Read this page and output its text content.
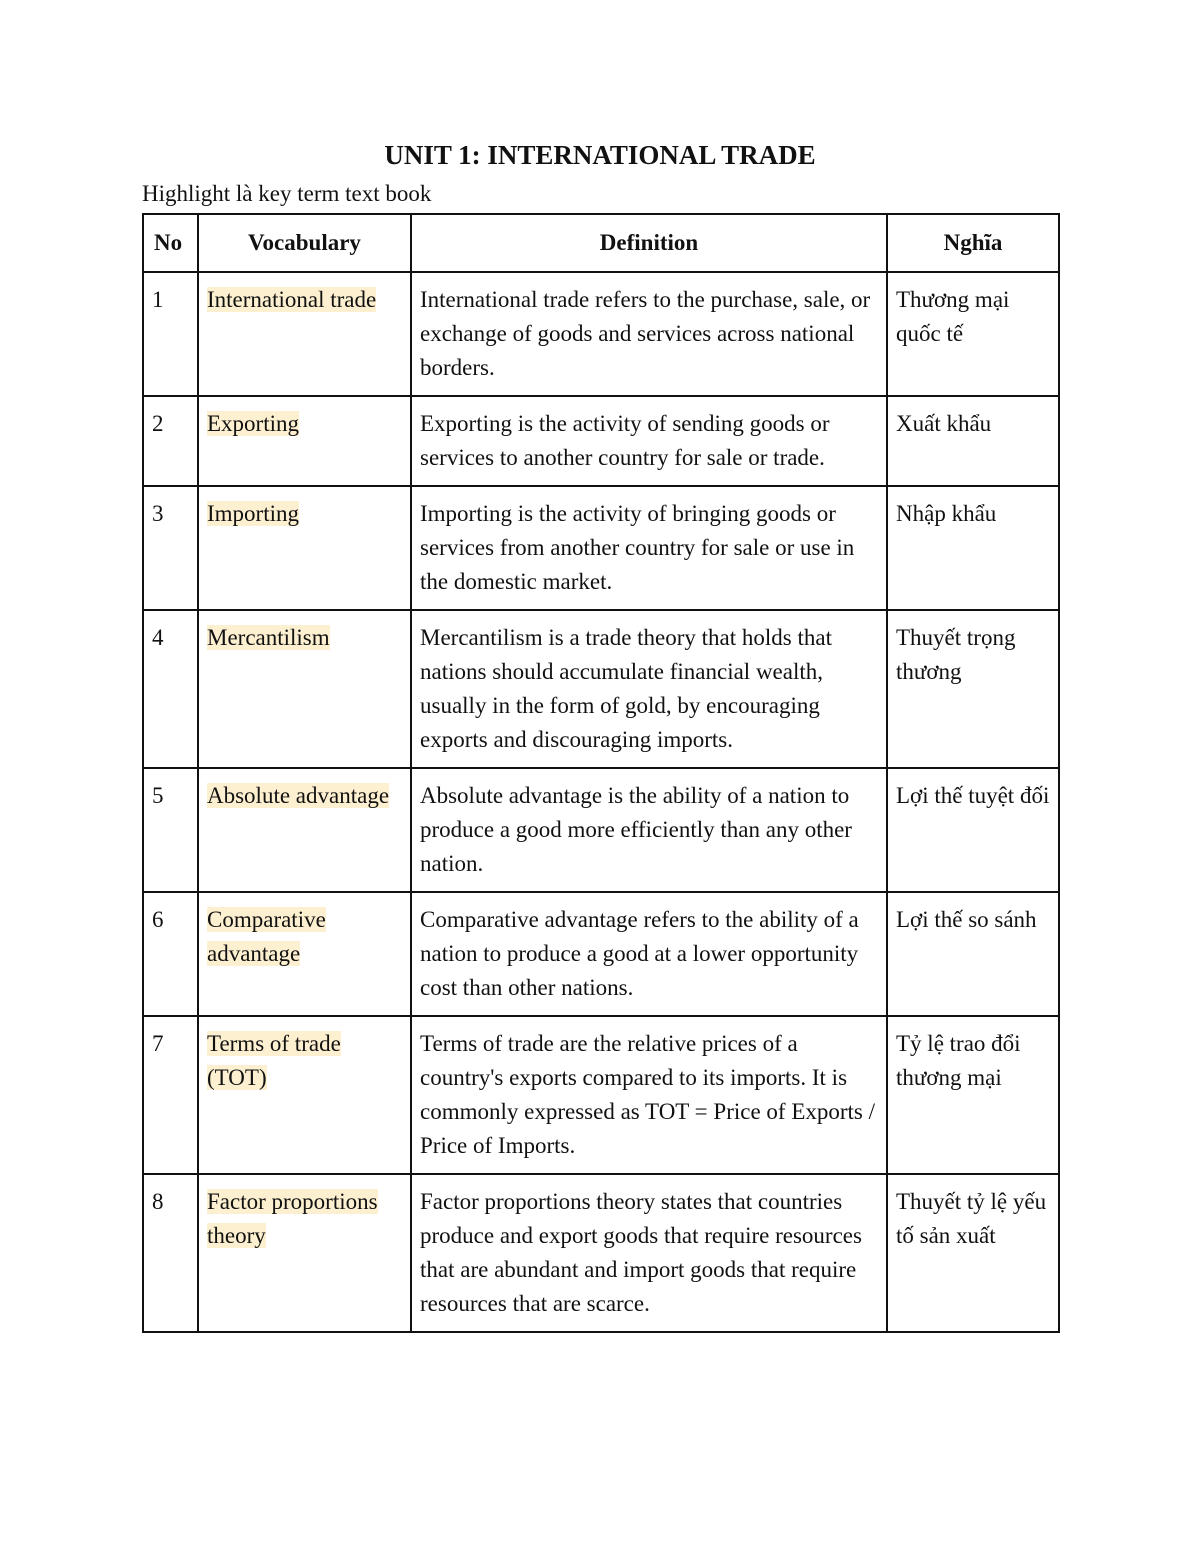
UNIT 1: INTERNATIONAL TRADE

Highlight là key term text book

No	Vocabulary	Definition	Nghĩa
1	International trade	International trade refers to the purchase, sale, or exchange of goods and services across national borders.	Thương mại quốc tế
2	Exporting	Exporting is the activity of sending goods or services to another country for sale or trade.	Xuất khẩu
3	Importing	Importing is the activity of bringing goods or services from another country for sale or use in the domestic market.	Nhập khẩu
4	Mercantilism	Mercantilism is a trade theory that holds that nations should accumulate financial wealth, usually in the form of gold, by encouraging exports and discouraging imports.	Thuyết trọng thương
5	Absolute advantage	Absolute advantage is the ability of a nation to produce a good more efficiently than any other nation.	Lợi thế tuyệt đối
6	Comparative advantage	Comparative advantage refers to the ability of a nation to produce a good at a lower opportunity cost than other nations.	Lợi thế so sánh
7	Terms of trade (TOT)	Terms of trade are the relative prices of a country's exports compared to its imports. It is commonly expressed as TOT = Price of Exports / Price of Imports.	Tỷ lệ trao đổi thương mại
8	Factor proportions theory	Factor proportions theory states that countries produce and export goods that require resources that are abundant and import goods that require resources that are scarce.	Thuyết tỷ lệ yếu tố sản xuất
